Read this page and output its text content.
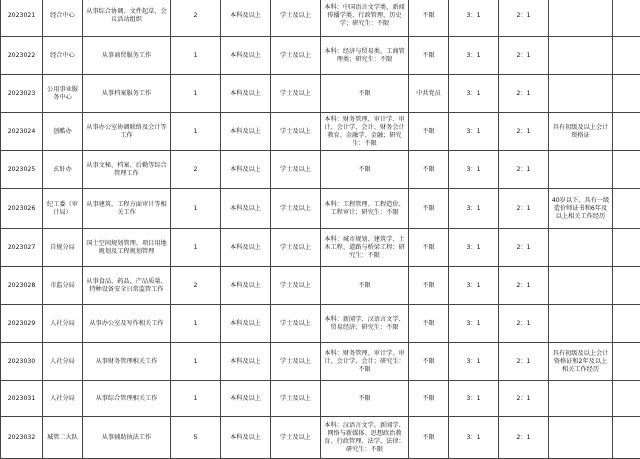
2023021	经合中心	从事综合协调、文件起草、会议活动组织	2	本科及以上	学士及以上	本科：中国语言文学类、新闻传播学类、行政管理、历史学；研究生：不限	不限	3：1	2：1		
2023022	经合中心	从事商贸服务工作	1	本科及以上	学士及以上	本科：经济与贸易类、工商管理类；研究生：不限	不限	3：1	2：1		
2023023	公用事业服务中心	从事档案服务工作	1	本科及以上	学士及以上	不限	中共党员	3：1	2：1		
2023024	创酷办	从事办公室协调联络及会计等工作	1	本科及以上	学士及以上	本科：财务管理、审计学、审计、会计学、会计、财务会计教育、金融学、金融；研究生：不限	不限	3：1	2：1	具有初级及以上会计资格证	
2023025	玄奸办	从事文秘、档案、后勤等综合管理工作	2	本科及以上	学士及以上	不限	不限	3：1	2：1		
2023026	纪工委（审计局）	从事建筑、工程方面审计等相关工作	1	本科及以上	学士及以上	本科：工程管理、工程造价、工程审计；研究生：不限	不限	3：1	2：1	40岁以下，具有一级造价师证书和6年及以上相关工作经历	
2023027	自规分局	国土空间规划管理、项目用地规划及工程规划管理	1	本科及以上	学士及以上	本科：城市规划、建筑学、土木工程、道路与桥梁工程；研究生：不限	不限	3：1	2：1		
2023028	市监分局	从事食品、药品、产品质量、特种设备安全日常监管工作	2	本科及以上	学士及以上	不限	不限	3：1	2：1		
2023029	人社分局	从事办公室及写作相关工作	1	本科及以上	学士及以上	本科：新闻学、汉语言文学、贸易经济；研究生：不限	不限	3：1	2：1		
2023030	人社分局	从事财务管理相关工作	1	本科及以上	学士及以上	本科：财务管理、审计学、审计、会计学、会计；研究生：不限	不限	3：1	2：1	具有初级及以上会计资格证和2年及以上相关工作经历	
2023031	人社分局	从事综合管理相关工作	1	本科及以上	学士及以上	不限	不限	3：1	2：1		
2023032	城管二大队	从事辅助执法工作	5	本科及以上	学士及以上	本科：汉语言文学、新闻学、网络与新媒体、思想政治教育、行政管理、法学、法律；研究生：不限	不限	3：1	2：1		
